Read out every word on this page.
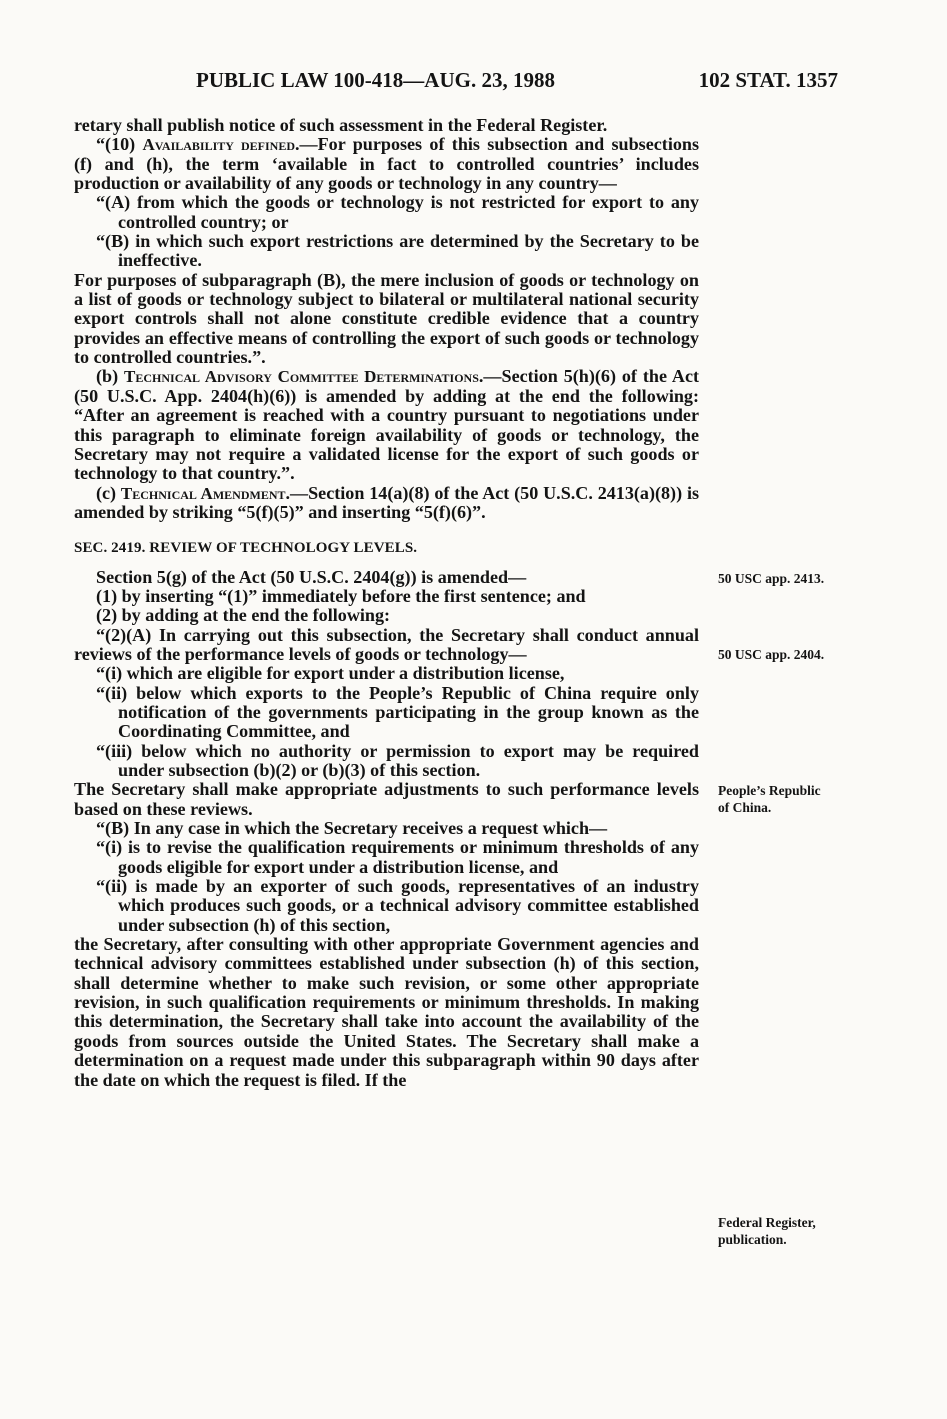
PUBLIC LAW 100-418—AUG. 23, 1988	102 STAT. 1357

retary shall publish notice of such assessment in the Federal Register.

“(10) Availability defined.—For purposes of this subsection and subsections (f) and (h), the term ‘available in fact to controlled countries’ includes production or availability of any goods or technology in any country—

“(A) from which the goods or technology is not restricted for export to any controlled country; or

“(B) in which such export restrictions are determined by the Secretary to be ineffective.

For purposes of subparagraph (B), the mere inclusion of goods or technology on a list of goods or technology subject to bilateral or multilateral national security export controls shall not alone constitute credible evidence that a country provides an effective means of controlling the export of such goods or technology to controlled countries.”.

(b) Technical Advisory Committee Determinations.—Section 5(h)(6) of the Act (50 U.S.C. App. 2404(h)(6)) is amended by adding at the end the following: “After an agreement is reached with a country pursuant to negotiations under this paragraph to eliminate foreign availability of goods or technology, the Secretary may not require a validated license for the export of such goods or technology to that country.”.

(c) Technical Amendment.—Section 14(a)(8) of the Act (50 U.S.C. 2413(a)(8)) is amended by striking “5(f)(5)” and inserting “5(f)(6)”.

SEC. 2419. REVIEW OF TECHNOLOGY LEVELS.

Section 5(g) of the Act (50 U.S.C. 2404(g)) is amended—

(1) by inserting “(1)” immediately before the first sentence; and

(2) by adding at the end the following:

“(2)(A) In carrying out this subsection, the Secretary shall conduct annual reviews of the performance levels of goods or technology—

“(i) which are eligible for export under a distribution license,

“(ii) below which exports to the People’s Republic of China require only notification of the governments participating in the group known as the Coordinating Committee, and

“(iii) below which no authority or permission to export may be required under subsection (b)(2) or (b)(3) of this section.

The Secretary shall make appropriate adjustments to such performance levels based on these reviews.

“(B) In any case in which the Secretary receives a request which—

“(i) is to revise the qualification requirements or minimum thresholds of any goods eligible for export under a distribution license, and

“(ii) is made by an exporter of such goods, representatives of an industry which produces such goods, or a technical advisory committee established under subsection (h) of this section,

the Secretary, after consulting with other appropriate Government agencies and technical advisory committees established under subsection (h) of this section, shall determine whether to make such revision, or some other appropriate revision, in such qualification requirements or minimum thresholds. In making this determination, the Secretary shall take into account the availability of the goods from sources outside the United States. The Secretary shall make a determination on a request made under this subparagraph within 90 days after the date on which the request is filed. If the

50 USC app. 2413.
50 USC app. 2404.
People’s Republic of China.
Federal Register, publication.
